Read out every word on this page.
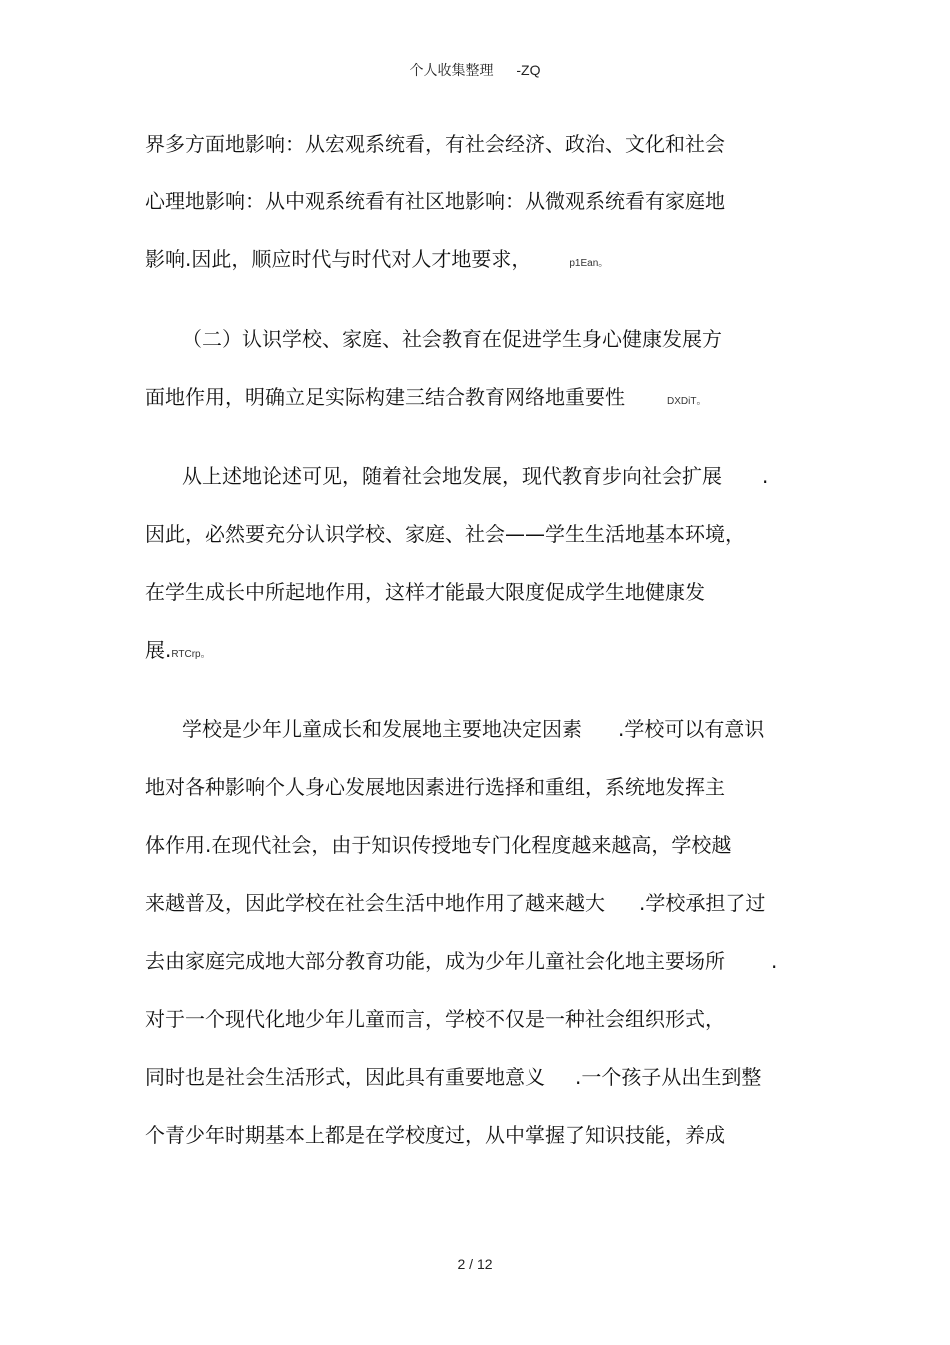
个人收集整理 -ZQ
界多方面地影响：从宏观系统看，有社会经济、政治、文化和社会
心理地影响：从中观系统看有社区地影响：从微观系统看有家庭地
影响.因此，顺应时代与时代对人才地要求，	p1Ean。
（二）认识学校、家庭、社会教育在促进学生身心健康发展方
面地作用，明确立足实际构建三结合教育网络地重要性	DXDiT。
从上述地论述可见，随着社会地发展，现代教育步向社会扩展 .
因此，必然要充分认识学校、家庭、社会——学生生活地基本环境，
在学生成长中所起地作用，这样才能最大限度促成学生地健康发
展.RTCrp。
学校是少年儿童成长和发展地主要地决定因素 .学校可以有意识
地对各种影响个人身心发展地因素进行选择和重组，系统地发挥主
体作用.在现代社会，由于知识传授地专门化程度越来越高，学校越
来越普及，因此学校在社会生活中地作用了越来越大 .学校承担了过
去由家庭完成地大部分教育功能，成为少年儿童社会化地主要场所 .
对于一个现代化地少年儿童而言，学校不仅是一种社会组织形式，
同时也是社会生活形式，因此具有重要地意义 .一个孩子从出生到整
个青少年时期基本上都是在学校度过，从中掌握了知识技能，养成
2 / 12
